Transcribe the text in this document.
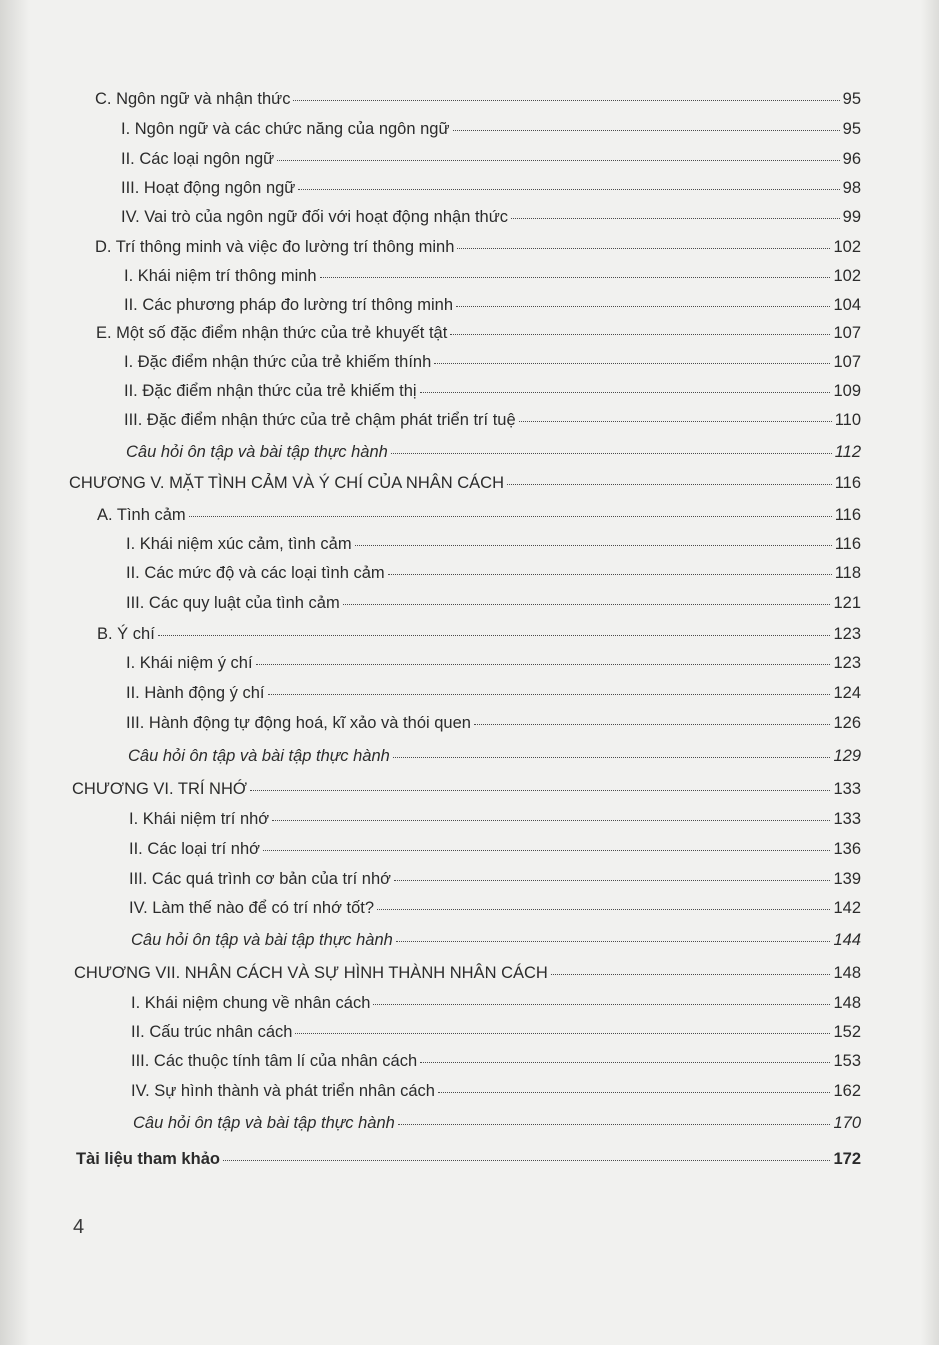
C. Ngôn ngữ và nhận thức	95
I. Ngôn ngữ và các chức năng của ngôn ngữ	95
II. Các loại ngôn ngữ	96
III. Hoạt động ngôn ngữ	98
IV. Vai trò của ngôn ngữ đối với hoạt động nhận thức	99
D. Trí thông minh và việc đo lường trí thông minh	102
I. Khái niệm trí thông minh	102
II. Các phương pháp đo lường trí thông minh	104
E. Một số đặc điểm nhận thức của trẻ khuyết tật	107
I. Đặc điểm nhận thức của trẻ khiếm thính	107
II. Đặc điểm nhận thức của trẻ khiếm thị	109
III. Đặc điểm nhận thức của trẻ chậm phát triển trí tuệ	110
Câu hỏi ôn tập và bài tập thực hành	112
CHƯƠNG V. MẶT TÌNH CẢM VÀ Ý CHÍ CỦA NHÂN CÁCH	116
A. Tình cảm	116
I. Khái niệm xúc cảm, tình cảm	116
II. Các mức độ và các loại tình cảm	118
III. Các quy luật của tình cảm	121
B. Ý chí	123
I. Khái niệm ý chí	123
II. Hành động ý chí	124
III. Hành động tự động hoá, kĩ xảo và thói quen	126
Câu hỏi ôn tập và bài tập thực hành	129
CHƯƠNG VI. TRÍ NHỚ	133
I. Khái niệm trí nhớ	133
II. Các loại trí nhớ	136
III. Các quá trình cơ bản của trí nhớ	139
IV. Làm thế nào để có trí nhớ tốt?	142
Câu hỏi ôn tập và bài tập thực hành	144
CHƯƠNG VII. NHÂN CÁCH VÀ SỰ HÌNH THÀNH NHÂN CÁCH	148
I. Khái niệm chung về nhân cách	148
II. Cấu trúc nhân cách	152
III. Các thuộc tính tâm lí của nhân cách	153
IV. Sự hình thành và phát triển nhân cách	162
Câu hỏi ôn tập và bài tập thực hành	170
Tài liệu tham khảo	172
4
